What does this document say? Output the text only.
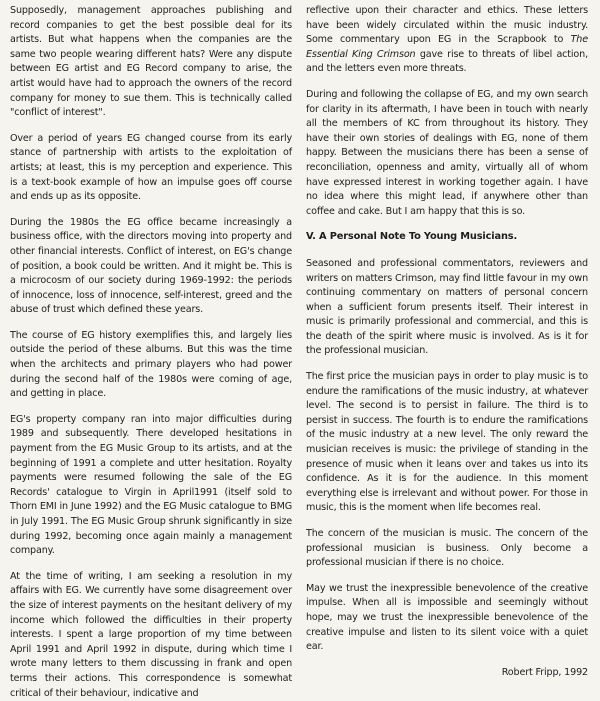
Supposedly, management approaches publishing and record companies to get the best possible deal for its artists. But what happens when the companies are the same two people wearing different hats? Were any dispute between EG artist and EG Record company to arise, the artist would have had to approach the owners of the record company for money to sue them. This is technically called "conflict of interest".

Over a period of years EG changed course from its early stance of partnership with artists to the exploitation of artists; at least, this is my perception and experience. This is a text-book example of how an impulse goes off course and ends up as its opposite.

During the 1980s the EG office became increasingly a business office, with the directors moving into property and other financial interests. Conflict of interest, on EG's change of position, a book could be written. And it might be. This is a microcosm of our society during 1969-1992: the periods of innocence, loss of innocence, self-interest, greed and the abuse of trust which defined these years.

The course of EG history exemplifies this, and largely lies outside the period of these albums. But this was the time when the architects and primary players who had power during the second half of the 1980s were coming of age, and getting in place.

EG's property company ran into major difficulties during 1989 and subsequently. There developed hesitations in payment from the EG Music Group to its artists, and at the beginning of 1991 a complete and utter hesitation. Royalty payments were resumed following the sale of the EG Records' catalogue to Virgin in April1991 (itself sold to Thorn EMI in June 1992) and the EG Music catalogue to BMG in July 1991. The EG Music Group shrunk significantly in size during 1992, becoming once again mainly a management company.

At the time of writing, I am seeking a resolution in my affairs with EG. We currently have some disagreement over the size of interest payments on the hesitant delivery of my income which followed the difficulties in their property interests. I spent a large proportion of my time between April 1991 and April 1992 in dispute, during which time I wrote many letters to them discussing in frank and open terms their actions. This correspondence is somewhat critical of their behaviour, indicative and

reflective upon their character and ethics. These letters have been widely circulated within the music industry. Some commentary upon EG in the Scrapbook to The Essential King Crimson gave rise to threats of libel action, and the letters even more threats.

During and following the collapse of EG, and my own search for clarity in its aftermath, I have been in touch with nearly all the members of KC from throughout its history. They have their own stories of dealings with EG, none of them happy. Between the musicians there has been a sense of reconciliation, openness and amity, virtually all of whom have expressed interest in working together again. I have no idea where this might lead, if anywhere other than coffee and cake. But I am happy that this is so.

V. A Personal Note To Young Musicians.

Seasoned and professional commentators, reviewers and writers on matters Crimson, may find little favour in my own continuing commentary on matters of personal concern when a sufficient forum presents itself. Their interest in music is primarily professional and commercial, and this is the death of the spirit where music is involved. As is it for the professional musician.

The first price the musician pays in order to play music is to endure the ramifications of the music industry, at whatever level. The second is to persist in failure. The third is to persist in success. The fourth is to endure the ramifications of the music industry at a new level. The only reward the musician receives is music: the privilege of standing in the presence of music when it leans over and takes us into its confidence. As it is for the audience. In this moment everything else is irrelevant and without power. For those in music, this is the moment when life becomes real.

The concern of the musician is music. The concern of the professional musician is business. Only become a professional musician if there is no choice.

May we trust the inexpressible benevolence of the creative impulse. When all is impossible and seemingly without hope, may we trust the inexpressible benevolence of the creative impulse and listen to its silent voice with a quiet ear.

Robert Fripp, 1992
